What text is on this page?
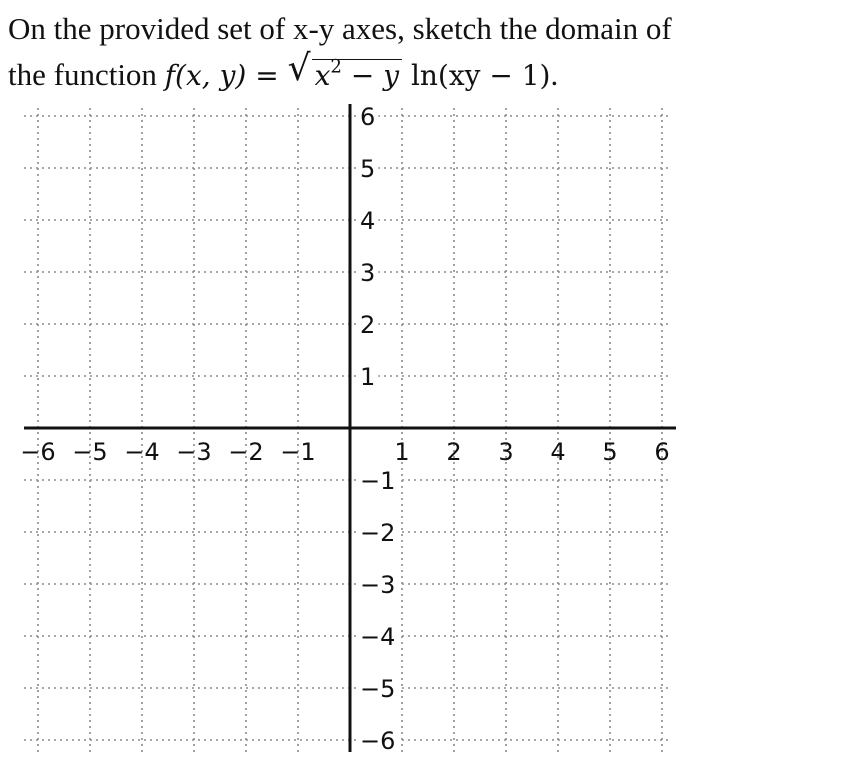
On the provided set of x-y axes, sketch the domain of
the function f(x, y) = √ $x^2 - y$ ln(xy − 1).
−6 −5 −4 −3 −2 −1	1 2 3 4 5 6
6
5
4
3
2
1
−1
−2
−3
−4
−5
−6
